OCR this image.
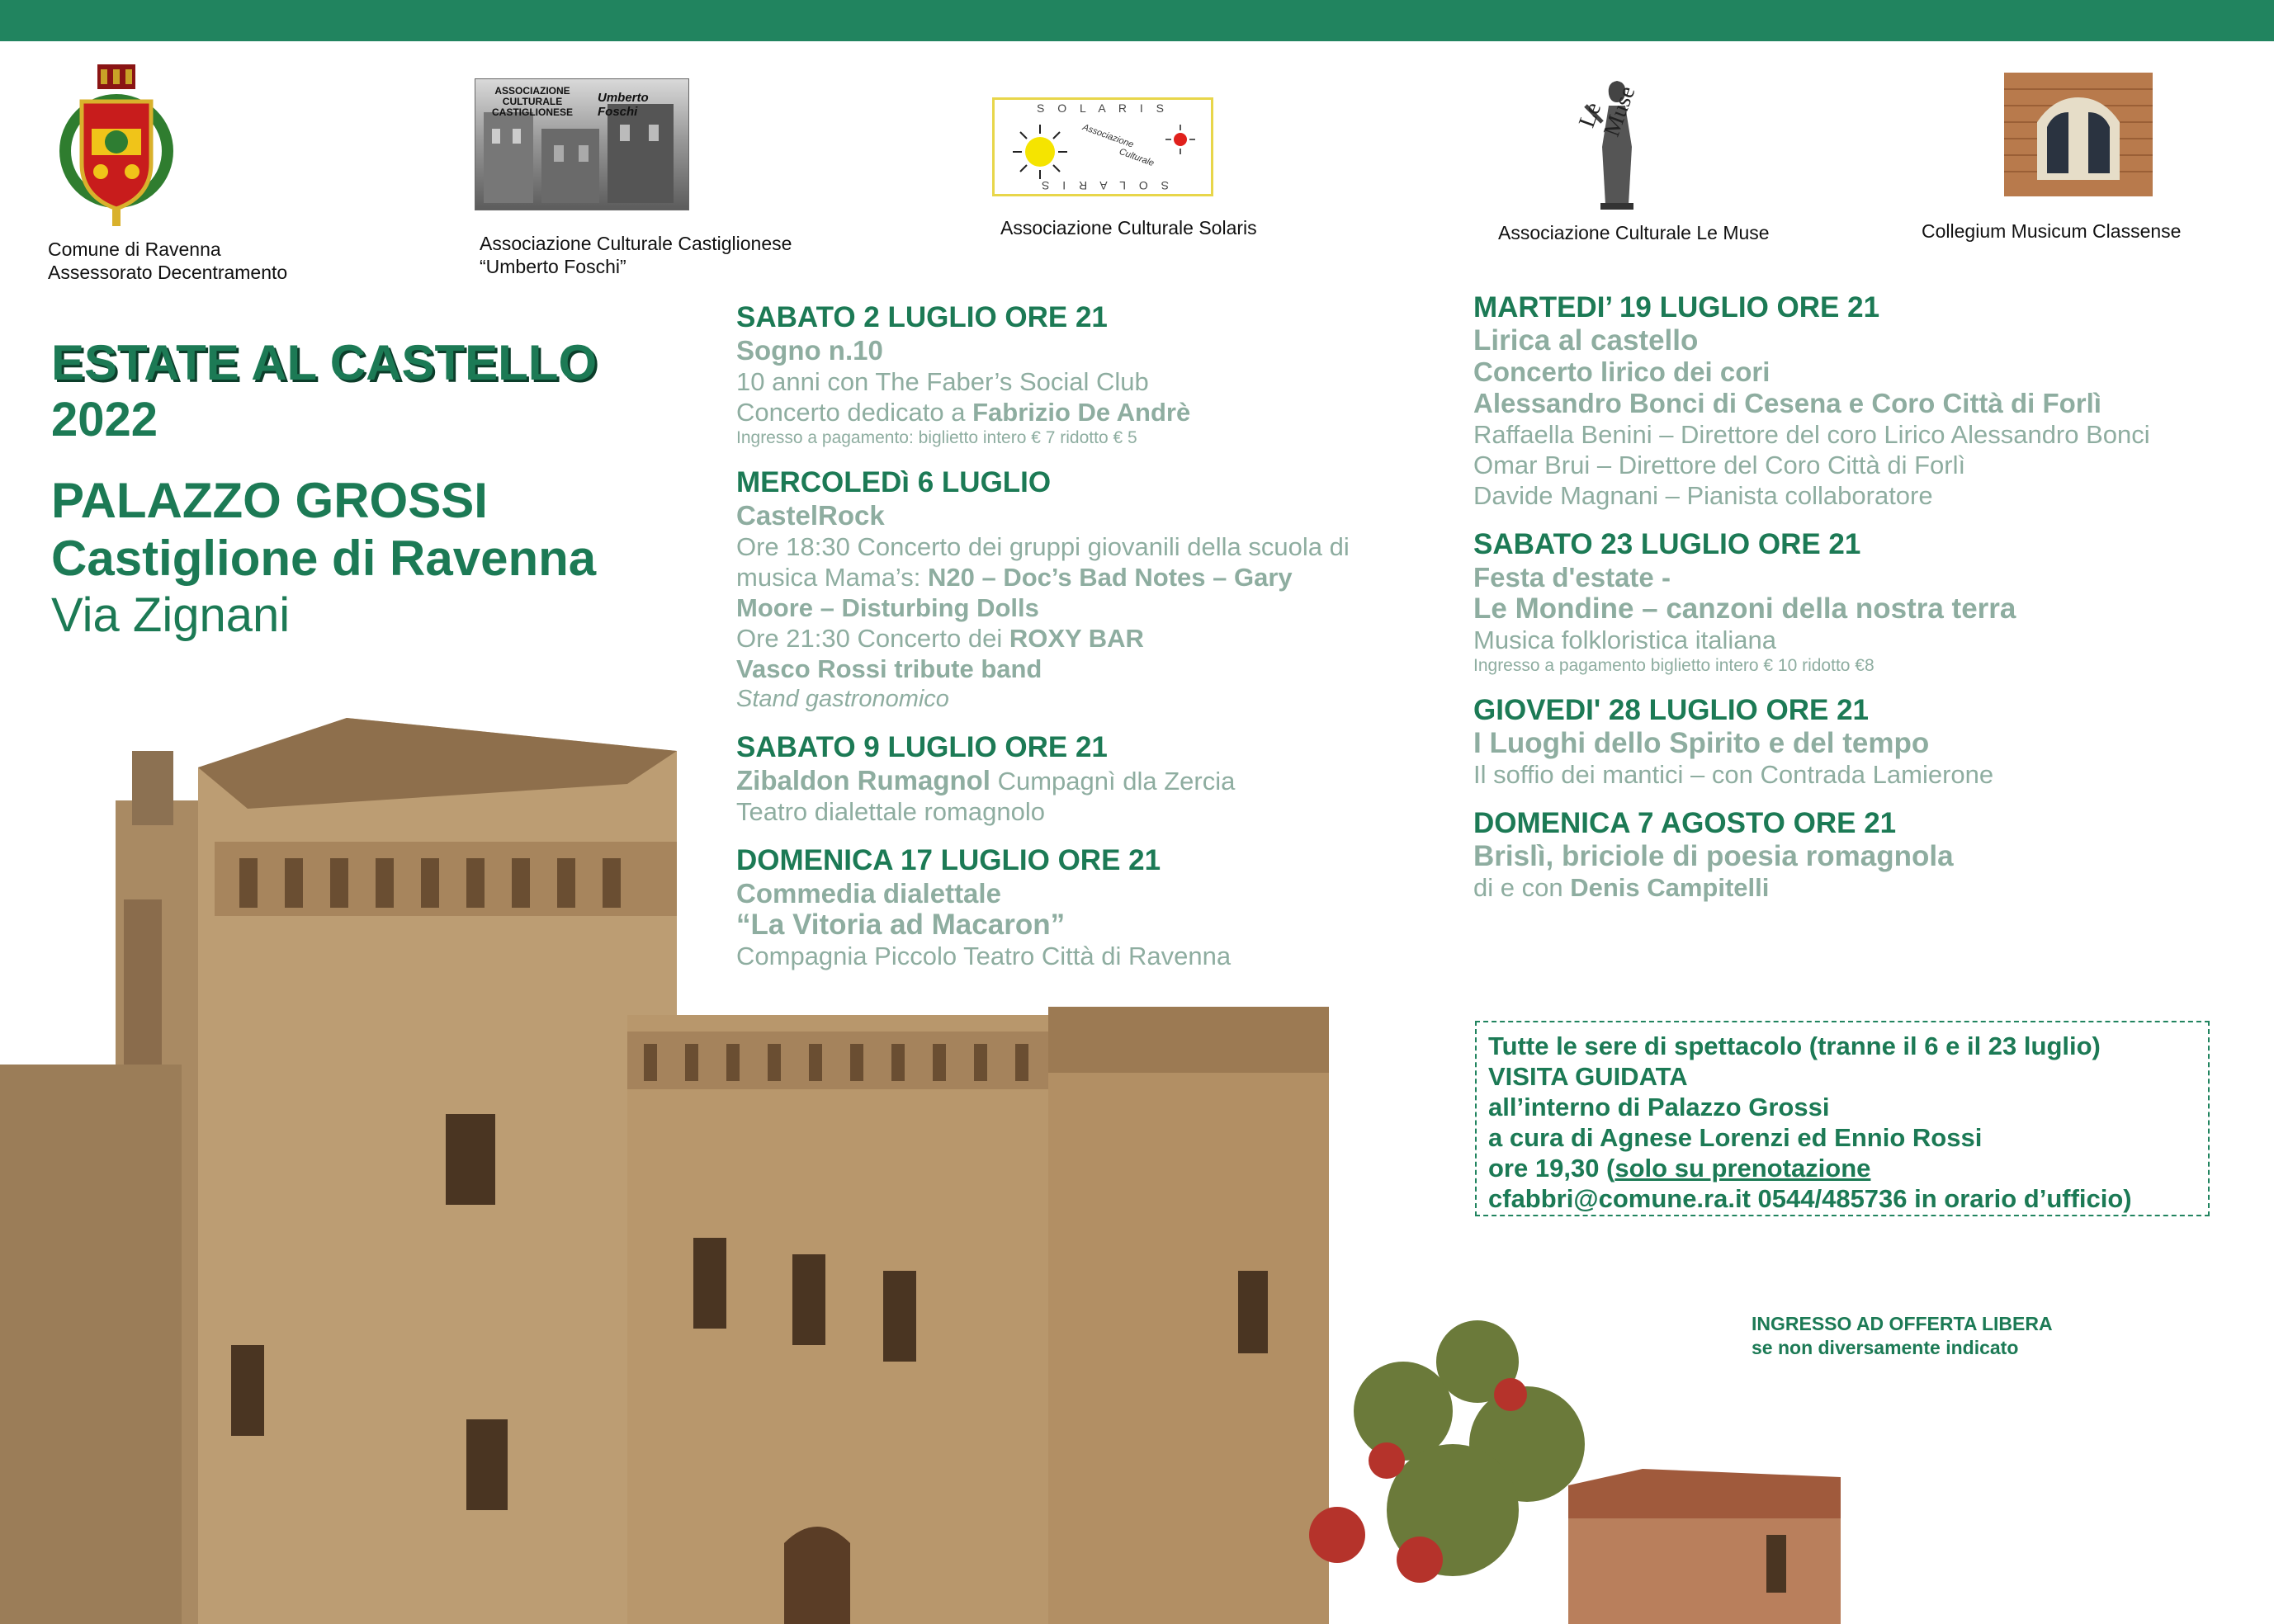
Comune di Ravenna
Assessorato Decentramento
ASSOCIAZIONE
CULTURALE
CASTIGLIONESE
Umberto Foschi
Associazione Culturale Castiglionese
“Umberto Foschi”
S O L A R I S
S O L A R I S
Associazione
Culturale
Associazione Culturale Solaris
Le Muse
Associazione Culturale Le Muse	Collegium Musicum Classense
ESTATE AL CASTELLO
2022
PALAZZO GROSSI
Castiglione di Ravenna
Via Zignani
SABATO 2 LUGLIO ORE 21
Sogno n.10
10 anni con The Faber’s Social Club
Concerto dedicato a Fabrizio De Andrè
Ingresso a pagamento: biglietto intero € 7 ridotto € 5
MERCOLEDì 6 LUGLIO
CastelRock
Ore 18:30 Concerto dei gruppi giovanili della scuola di
musica Mama’s: N20 – Doc’s Bad Notes – Gary
Moore – Disturbing Dolls
Ore 21:30 Concerto dei ROXY BAR
Vasco Rossi tribute band
Stand gastronomico
SABATO 9 LUGLIO ORE 21
Zibaldon Rumagnol Cumpagnì dla Zercia
Teatro dialettale romagnolo
DOMENICA 17 LUGLIO ORE 21
Commedia dialettale
“La Vitoria ad Macaron”
Compagnia Piccolo Teatro Città di Ravenna
MARTEDI’ 19 LUGLIO ORE 21
Lirica al castello
Concerto lirico dei cori
Alessandro Bonci di Cesena e Coro Città di Forlì
Raffaella Benini – Direttore del coro Lirico Alessandro Bonci
Omar Brui – Direttore del Coro Città di Forlì
Davide Magnani – Pianista collaboratore
SABATO 23 LUGLIO ORE 21
Festa d'estate -
Le Mondine – canzoni della nostra terra
Musica folkloristica italiana
Ingresso a pagamento biglietto intero € 10 ridotto €8
GIOVEDI' 28 LUGLIO ORE 21
I Luoghi dello Spirito e del tempo
Il soffio dei mantici – con Contrada Lamierone
DOMENICA 7 AGOSTO ORE 21
Brislì, briciole di poesia romagnola
di e con Denis Campitelli
Tutte le sere di spettacolo (tranne il 6 e il 23 luglio)
VISITA GUIDATA
all’interno di Palazzo Grossi
a cura di Agnese Lorenzi ed Ennio Rossi
ore 19,30 (solo su prenotazione
cfabbri@comune.ra.it 0544/485736 in orario d’ufficio)
INGRESSO AD OFFERTA LIBERA
se non diversamente indicato
